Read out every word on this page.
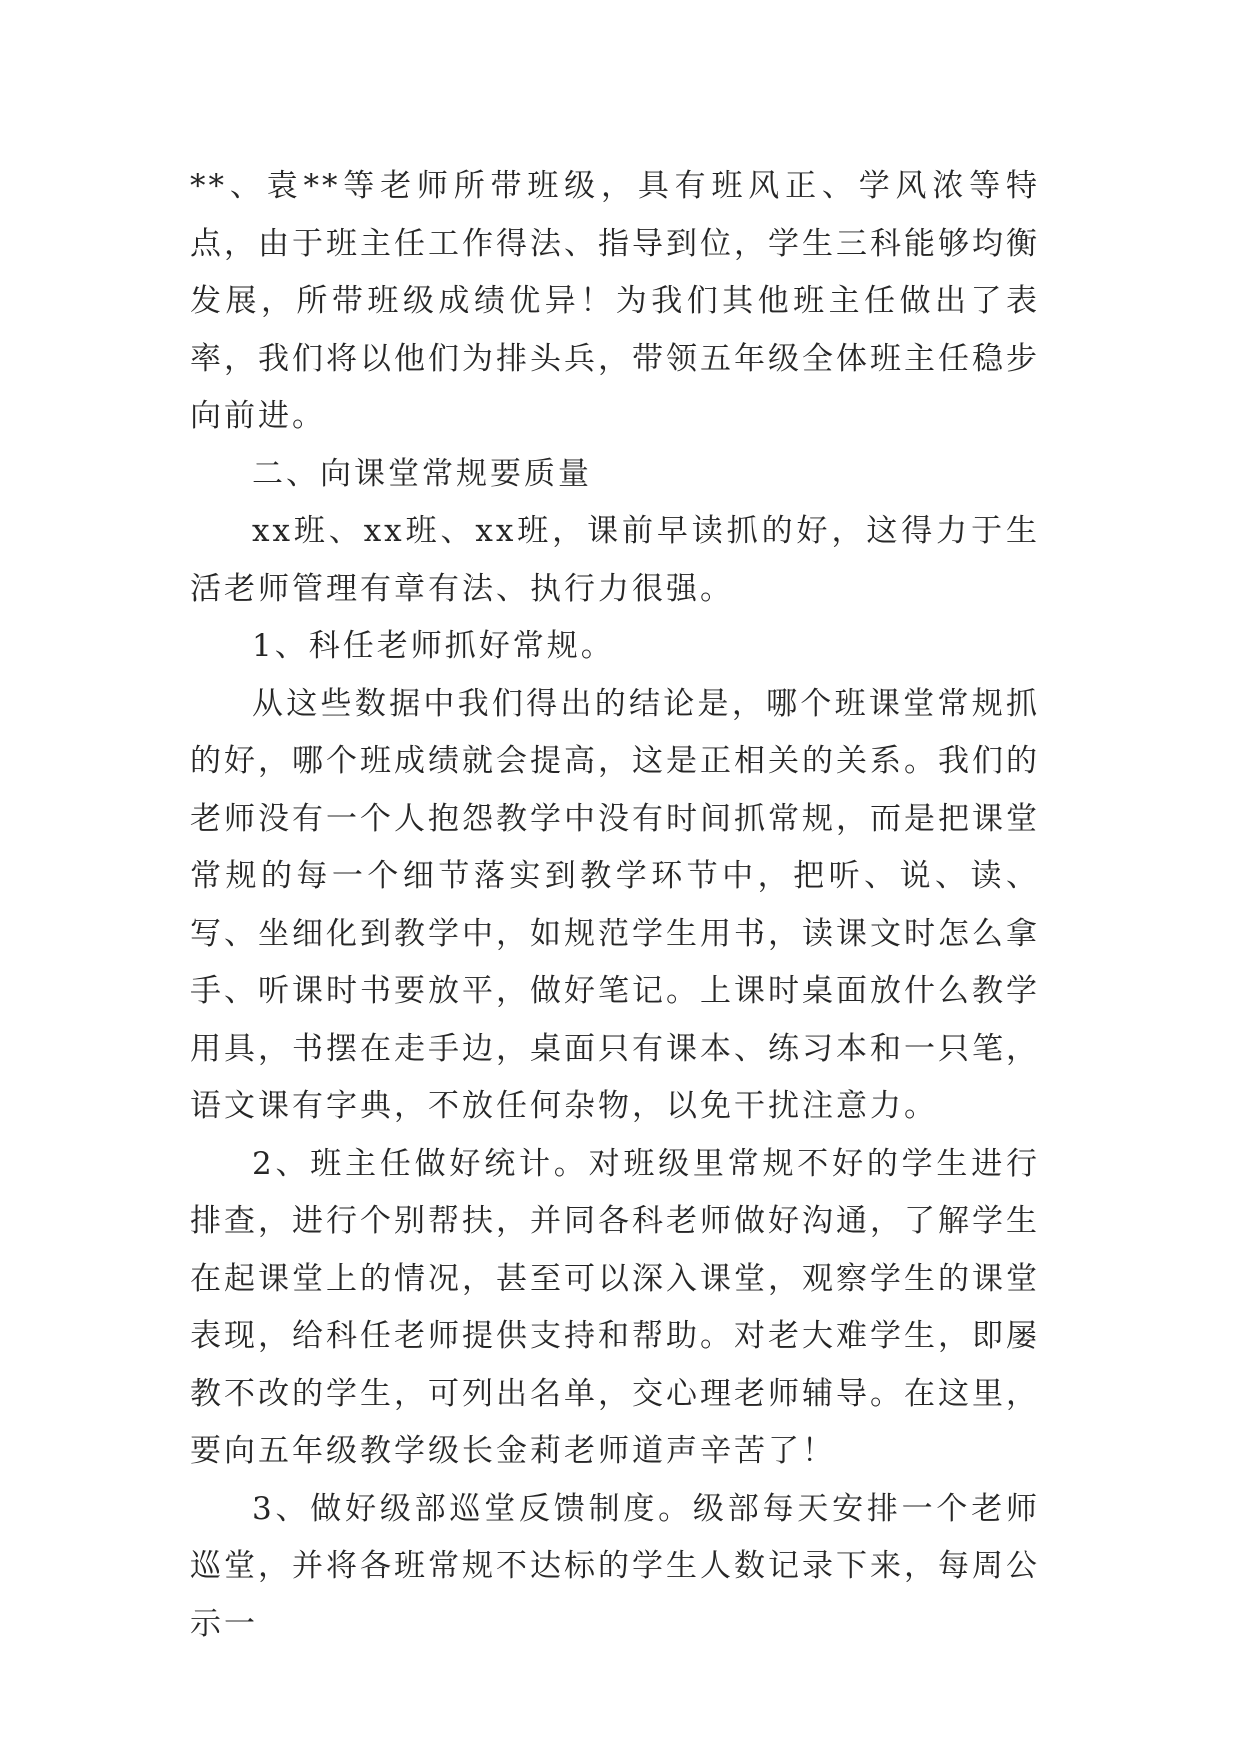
**、袁**等老师所带班级，具有班风正、学风浓等特点，由于班主任工作得法、指导到位，学生三科能够均衡发展，所带班级成绩优异！为我们其他班主任做出了表率，我们将以他们为排头兵，带领五年级全体班主任稳步向前进。

二、向课堂常规要质量

xx班、xx班、xx班，课前早读抓的好，这得力于生活老师管理有章有法、执行力很强。

1、科任老师抓好常规。

从这些数据中我们得出的结论是，哪个班课堂常规抓的好，哪个班成绩就会提高，这是正相关的关系。我们的老师没有一个人抱怨教学中没有时间抓常规，而是把课堂常规的每一个细节落实到教学环节中，把听、说、读、写、坐细化到教学中，如规范学生用书，读课文时怎么拿手、听课时书要放平，做好笔记。上课时桌面放什么教学用具，书摆在走手边，桌面只有课本、练习本和一只笔，语文课有字典，不放任何杂物，以免干扰注意力。

2、班主任做好统计。对班级里常规不好的学生进行排查，进行个别帮扶，并同各科老师做好沟通，了解学生在起课堂上的情况，甚至可以深入课堂，观察学生的课堂表现，给科任老师提供支持和帮助。对老大难学生，即屡教不改的学生，可列出名单，交心理老师辅导。在这里，要向五年级教学级长金莉老师道声辛苦了！

3、做好级部巡堂反馈制度。级部每天安排一个老师巡堂，并将各班常规不达标的学生人数记录下来，每周公示一
